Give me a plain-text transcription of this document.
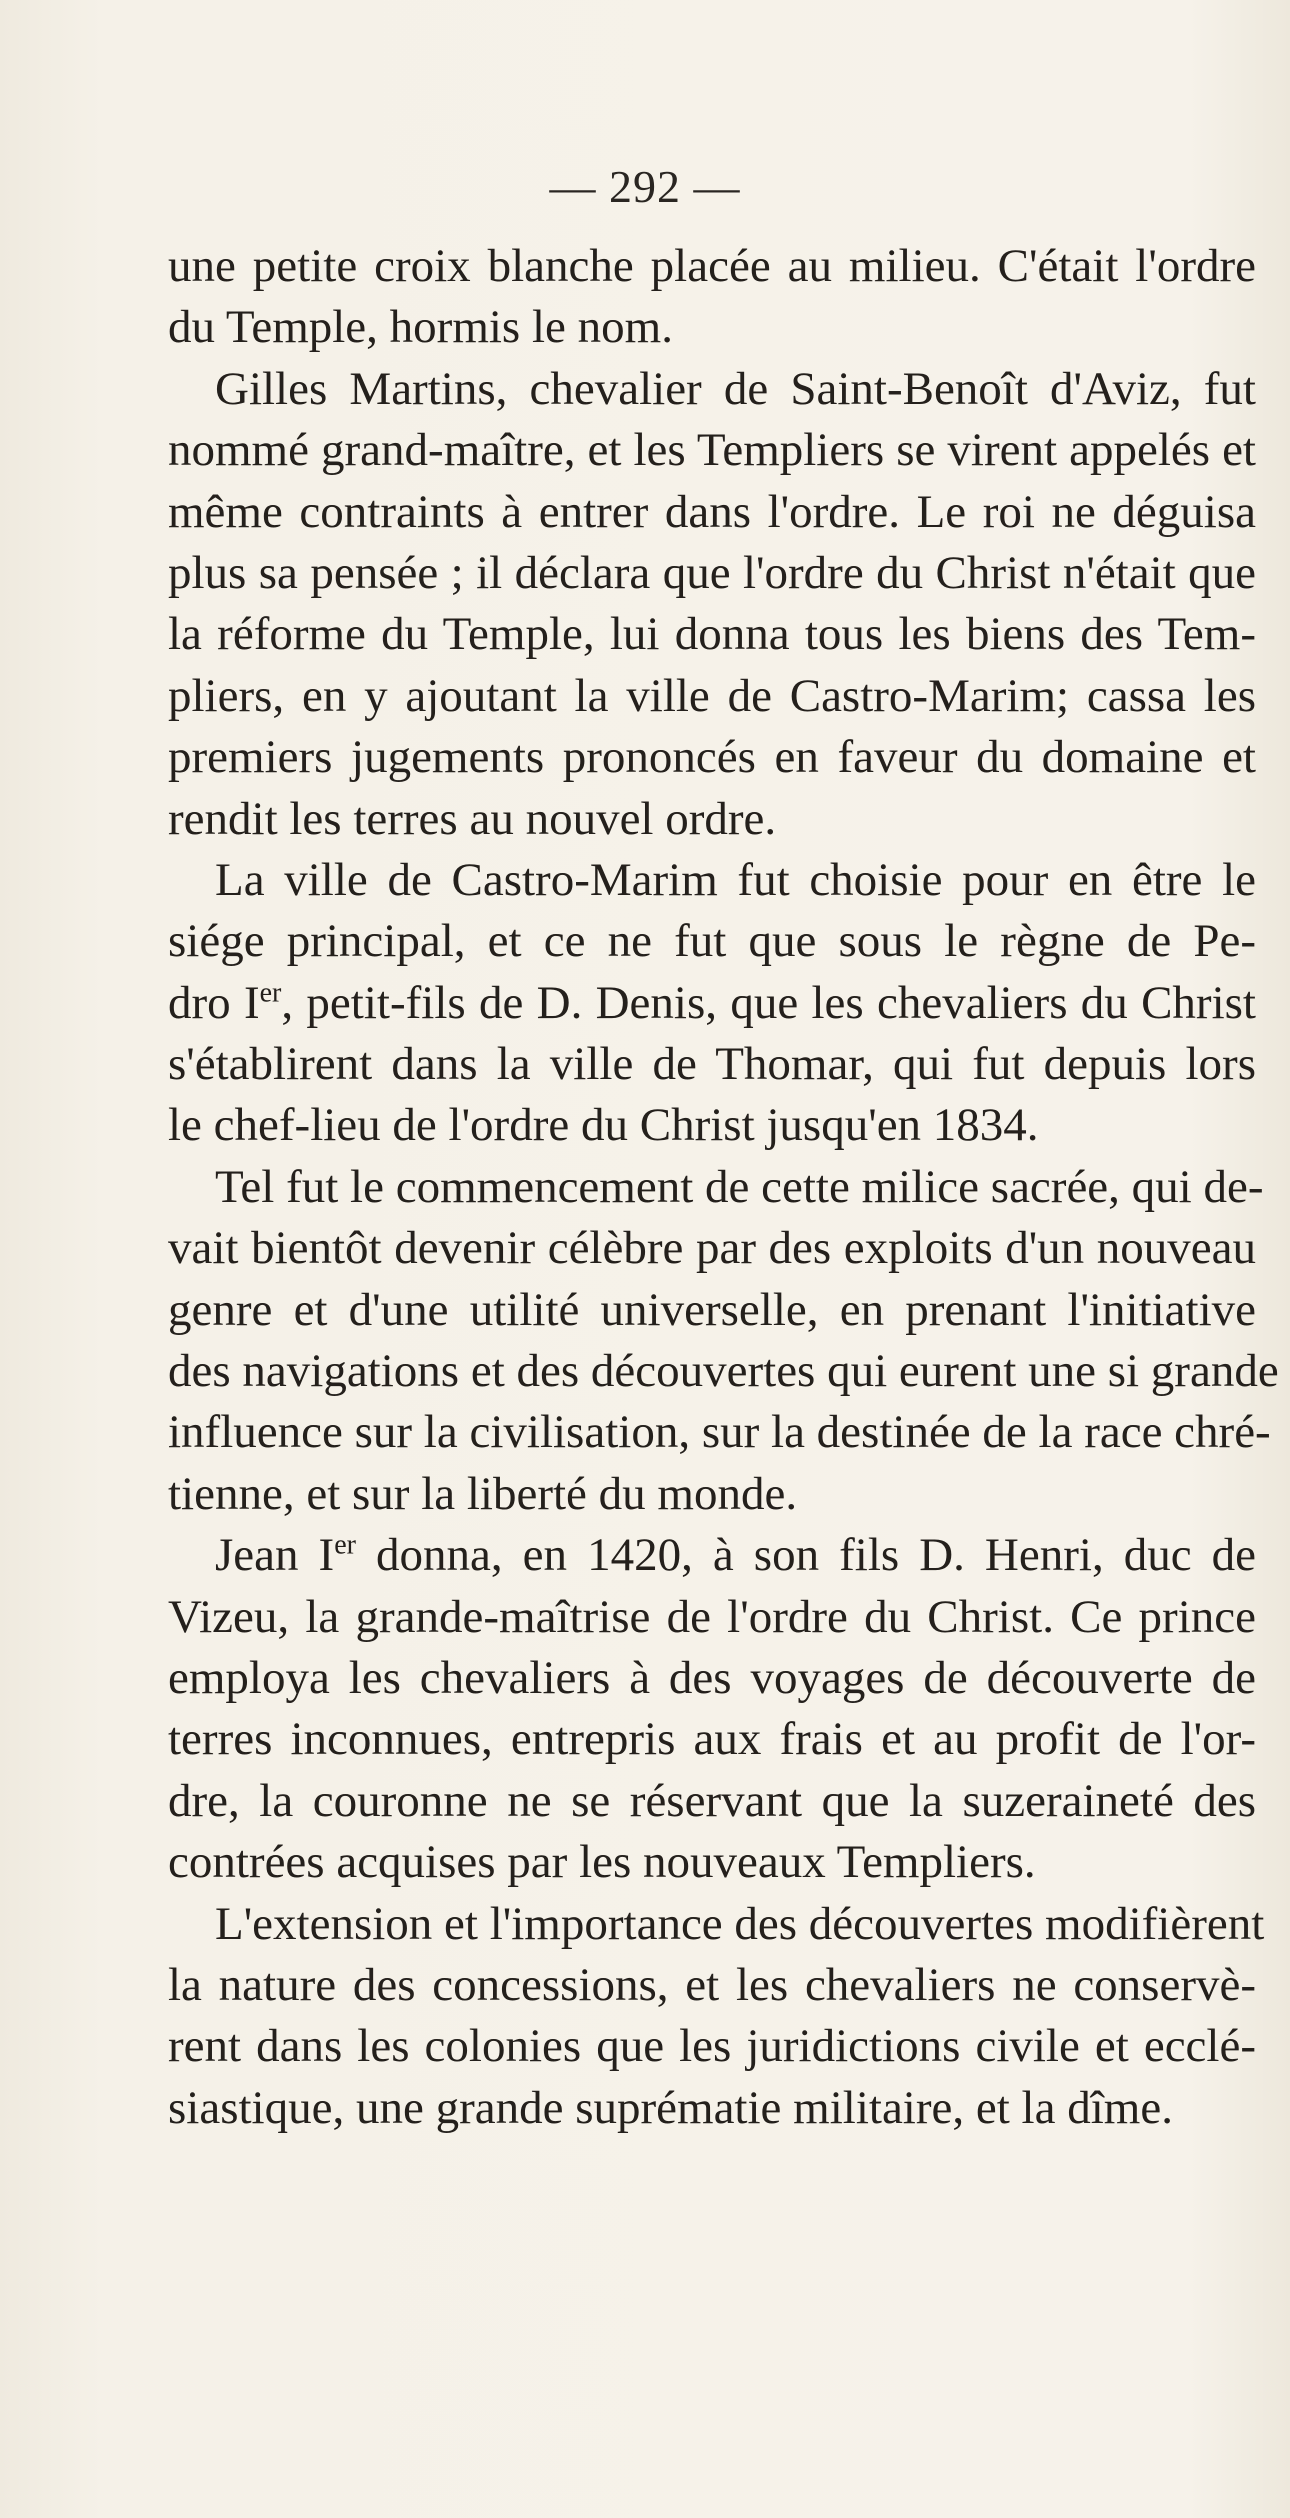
— 292 —
une petite croix blanche placée au milieu. C'était l'ordre
du Temple, hormis le nom.
Gilles Martins, chevalier de Saint-Benoît d'Aviz, fut
nommé grand-maître, et les Templiers se virent appelés et
même contraints à entrer dans l'ordre. Le roi ne déguisa
plus sa pensée ; il déclara que l'ordre du Christ n'était que
la réforme du Temple, lui donna tous les biens des Tem-
pliers, en y ajoutant la ville de Castro-Marim; cassa les
premiers jugements prononcés en faveur du domaine et
rendit les terres au nouvel ordre.
La ville de Castro-Marim fut choisie pour en être le
siége principal, et ce ne fut que sous le règne de Pe-
dro Ier, petit-fils de D. Denis, que les chevaliers du Christ
s'établirent dans la ville de Thomar, qui fut depuis lors
le chef-lieu de l'ordre du Christ jusqu'en 1834.
Tel fut le commencement de cette milice sacrée, qui de-
vait bientôt devenir célèbre par des exploits d'un nouveau
genre et d'une utilité universelle, en prenant l'initiative
des navigations et des découvertes qui eurent une si grande
influence sur la civilisation, sur la destinée de la race chré-
tienne, et sur la liberté du monde.
Jean Ier donna, en 1420, à son fils D. Henri, duc de
Vizeu, la grande-maîtrise de l'ordre du Christ. Ce prince
employa les chevaliers à des voyages de découverte de
terres inconnues, entrepris aux frais et au profit de l'or-
dre, la couronne ne se réservant que la suzeraineté des
contrées acquises par les nouveaux Templiers.
L'extension et l'importance des découvertes modifièrent
la nature des concessions, et les chevaliers ne conservè-
rent dans les colonies que les juridictions civile et ecclé-
siastique, une grande suprématie militaire, et la dîme.
